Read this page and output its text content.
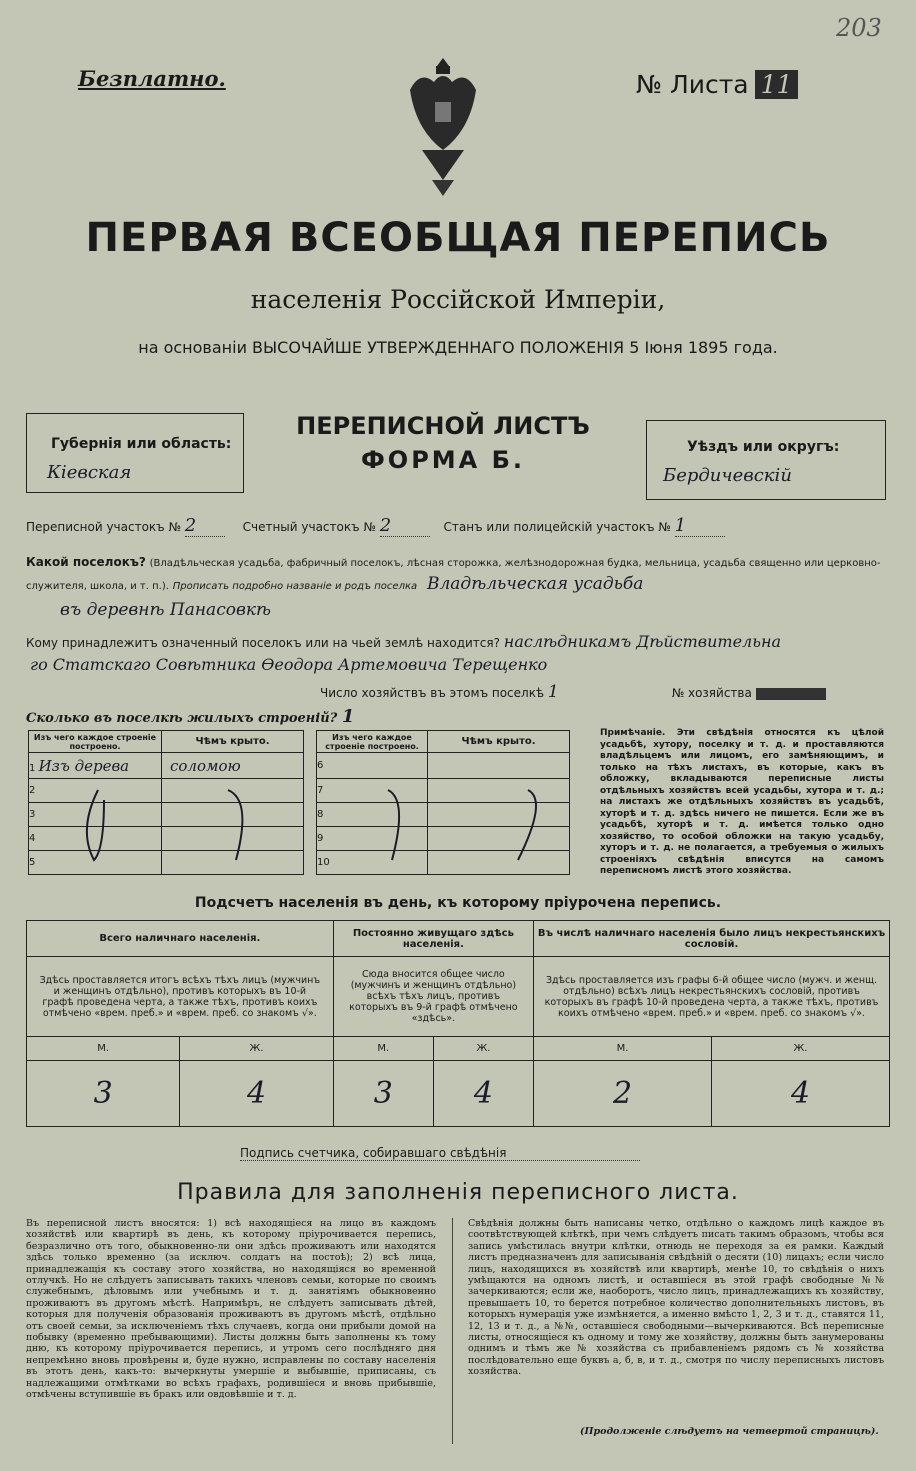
203
Безплатно.	№ Листа 11
ПЕРВАЯ ВСЕОБЩАЯ ПЕРЕПИСЬ
населенія Россійской Имперіи,
на основаніи ВЫСОЧАЙШЕ УТВЕРЖДЕННАГО ПОЛОЖЕНІЯ 5 Іюня 1895 года.
Губернія или область:
Кіевская
ПЕРЕПИСНОЙ ЛИСТЪ
ФОРМА Б.	Уѣздъ или округъ:
Бердичевскій
Переписной участокъ № 2	Счетный участокъ № 2	Станъ или полицейскій участокъ № 1
Какой поселокъ? (Владѣльческая усадьба, фабричный поселокъ, лѣсная сторожка, желѣзнодорожная будка, мельница, усадьба священно или церковно-служителя, школа, и т. п.). Прописать подробно названіе и родъ поселка Владѣльческая усадьба
въ деревнѣ Панасовкѣ
Кому принадлежитъ означенный поселокъ или на чьей землѣ находится? наслѣдникамъ Дѣйствительна
го Статскаго Совѣтника Өеодора Артемовича Терещенко
Число хозяйствъ въ этомъ поселкѣ 1	№ хозяйства
Сколько въ поселкѣ жилыхъ строеній? 1
Изъ чего каждое строеніе построено.	Чѣмъ крыто.
1 Изъ дерева	соломою
2	
3	
4	
5	
Изъ чего каждое строеніе построено.	Чѣмъ крыто.
6	
7	
8	
9	
10	
Примѣчаніе. Эти свѣдѣнія относятся къ цѣлой усадьбѣ, хутору, поселку и т. д. и проставляются владѣльцемъ или лицомъ, его замѣняющимъ, и только на тѣхъ листахъ, въ которые, какъ въ обложку, вкладываются переписные листы отдѣльныхъ хозяйствъ всей усадьбы, хутора и т. д.; на листахъ же отдѣльныхъ хозяйствъ въ усадьбѣ, хуторѣ и т. д. здѣсь ничего не пишется. Если же въ усадьбѣ, хуторѣ и т. д. имѣется только одно хозяйство, то особой обложки на такую усадьбу, хуторъ и т. д. не полагается, а требуемыя о жилыхъ строеніяхъ свѣдѣнія вписутся на самомъ переписномъ листѣ этого хозяйства.
Подсчетъ населенія въ день, къ которому пріурочена перепись.
Всего наличнаго населенія.		Постоянно живущаго здѣсь населенія.		Въ числѣ наличнаго населенія было лицъ некрестьянскихъ сословій.	
Здѣсь проставляется итогъ всѣхъ тѣхъ лицъ (мужчинъ и женщинъ отдѣльно), противъ которыхъ въ 10-й графѣ проведена черта, а также тѣхъ, противъ коихъ отмѣчено «врем. преб.» и «врем. преб. со знакомъ √».		Сюда вносится общее число (мужчинъ и женщинъ отдѣльно) всѣхъ тѣхъ лицъ, противъ которыхъ въ 9-й графѣ отмѣчено «здѣсь».		Здѣсь проставляется изъ графы 6-й общее число (мужч. и женщ. отдѣльно) всѣхъ лицъ некрестьянскихъ сословій, противъ которыхъ въ графѣ 10-й проведена черта, а также тѣхъ, противъ коихъ отмѣчено «врем. преб.» и «врем. преб. со знакомъ √».	
М.	Ж.	М.	Ж.	М.	Ж.
3	4	3	4	2	4
Подпись счетчика, собиравшаго свѣдѣнія
Правила для заполненія переписного листа.
Въ переписной листъ вносятся: 1) всѣ находящіеся на лицо въ каждомъ хозяйствѣ или квартирѣ въ день, къ которому пріурочивается перепись, безразлично отъ того, обыкновенно-ли они здѣсь проживаютъ или находятся здѣсь только временно (за исключ. солдатъ на постоѣ); 2) всѣ лица, принадлежащія къ составу этого хозяйства, но находящіяся во временной отлучкѣ. Но не слѣдуетъ записывать такихъ членовъ семьи, которые по своимъ служебнымъ, дѣловымъ или учебнымъ и т. д. занятіямъ обыкновенно проживаютъ въ другомъ мѣстѣ. Напримѣръ, не слѣдуетъ записывать дѣтей, которыя для полученія образованія проживаютъ въ другомъ мѣстѣ, отдѣльно отъ своей семьи, за исключеніемъ тѣхъ случаевъ, когда они прибыли домой на побывку (временно пребывающими). Листы должны быть заполнены къ тому дню, къ которому пріурочивается перепись, и утромъ сего послѣдняго дня непремѣнно вновь провѣрены и, буде нужно, исправлены по составу населенія въ этотъ день, какъ-то: вычеркнуты умершіе и выбывшіе, приписаны, съ надлежащими отмѣтками во всѣхъ графахъ, родившіеся и вновь прибывшіе, отмѣчены вступившіе въ бракъ или овдовѣвшіе и т. д.
Свѣдѣнія должны быть написаны четко, отдѣльно о каждомъ лицѣ каждое въ соотвѣтствующей клѣткѣ, при чемъ слѣдуетъ писать такимъ образомъ, чтобы вся запись умѣстилась внутри клѣтки, отнюдь не переходя за ея рамки. Каждый листъ предназначенъ для записыванія свѣдѣній о десяти (10) лицахъ; если число лицъ, находящихся въ хозяйствѣ или квартирѣ, менѣе 10, то свѣдѣнія о нихъ умѣщаются на одномъ листѣ, и оставшіеся въ этой графѣ свободные №№ зачеркиваются; если же, наоборотъ, число лицъ, принадлежащихъ къ хозяйству, превышаетъ 10, то берется потребное количество дополнительныхъ листовъ, въ которыхъ нумерація уже измѣняется, а именно вмѣсто 1, 2, 3 и т. д., ставятся 11, 12, 13 и т. д., а №№, оставшіеся свободными—вычеркиваются. Всѣ переписные листы, относящіеся къ одному и тому же хозяйству, должны быть занумерованы однимъ и тѣмъ же № хозяйства съ прибавленіемъ рядомъ съ № хозяйства послѣдовательно еще буквъ а, б, в, и т. д., смотря по числу переписныхъ листовъ хозяйства.
(Продолженіе слѣдуетъ на четвертой страницѣ).
